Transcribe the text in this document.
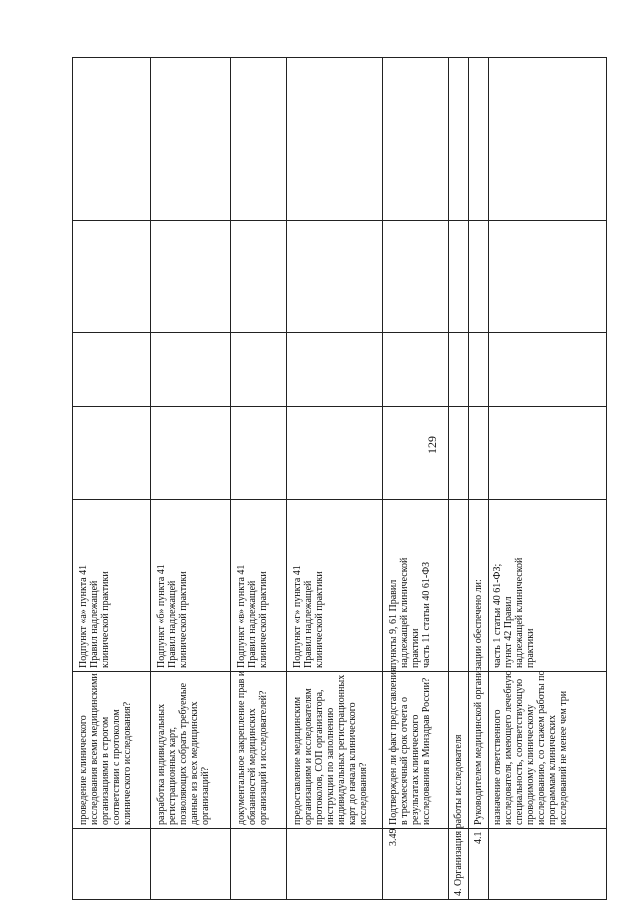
129
проведение клинического
исследования всеми медицинскими
организациями в строгом
соответствии с протоколом
клинического исследования?
Подпункт «а» пункта 41
Правил надлежащей
клинической практики
разработка индивидуальных
регистрационных карт,
позволяющих собрать требуемые
данные из всех медицинских
организаций?
Подпункт «б» пункта 41
Правил надлежащей
клинической практики
документальное закрепление прав и
обязанностей медицинских
организаций и исследователей?
Подпункт «в» пункта 41
Правил надлежащей
клинической практики
предоставление медицинским
организациям и исследователям
протоколов, СОП организатора,
инструкции по заполнению
индивидуальных регистрационных
карт до начала клинического
исследования?
Подпункт «г» пункта 41
Правил надлежащей
клинической практики
3.49
Подтвержден ли факт представления
в трехмесячный срок отчета о
результатах клинического
исследования в Минздрав России?
пункты 9, 61 Правил
надлежащей клинической
практики
часть 11 статьи 40 61-ФЗ
4. Организация работы исследователя 4.1
Руководителем медицинской организации обеспечено ли: назначение ответственного
исследователя, имеющего лечебную
специальность, соответствующую
проводимому клиническому
исследованию, со стажем работы по
программам клинических
исследований не менее чем три
часть 1 статьи 40 61-ФЗ;
пункт 42 Правил
надлежащей клинической
практики
